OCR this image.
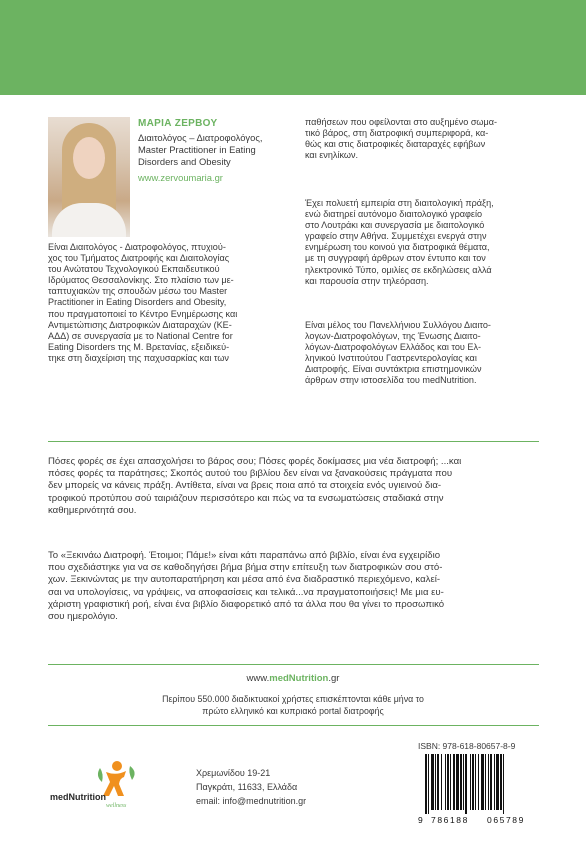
ΜΑΡΙΑ ΖΕΡΒΟΥ
Διαιτολόγος – Διατροφολόγος,
Master Practitioner in Eating
Disorders and Obesity
www.zervoumaria.gr
Είναι Διαιτολόγος - Διατροφολόγος, πτυχιού-
χος του Τμήματος Διατροφής και Διαιτολογίας
του Ανώτατου Τεχνολογικού Εκπαιδευτικού
Ιδρύματος Θεσσαλονίκης. Στο πλαίσιο των με-
ταπτυχιακών της σπουδών μέσω του Master
Practitioner in Eating Disorders and Obesity,
που πραγματοποιεί το Κέντρο Ενημέρωσης και
Αντιμετώπισης Διατροφικών Διαταραχών (ΚΕ-
ΑΔΔ) σε συνεργασία με το National Centre for
Eating Disorders της Μ. Βρετανίας, εξειδικεύ-
τηκε στη διαχείριση της παχυσαρκίας και των
παθήσεων που οφείλονται στο αυξημένο σωμα-
τικό βάρος, στη διατροφική συμπεριφορά, κα-
θώς και στις διατροφικές διαταραχές εφήβων
και ενηλίκων.
Έχει πολυετή εμπειρία στη διαιτολογική πράξη,
ενώ διατηρεί αυτόνομο διαιτολογικό γραφείο
στο Λουτράκι και συνεργασία με διαιτολογικό
γραφείο στην Αθήνα. Συμμετέχει ενεργά στην
ενημέρωση του κοινού για διατροφικά θέματα,
με τη συγγραφή άρθρων στον έντυπο και τον
ηλεκτρονικό Τύπο, ομιλίες σε εκδηλώσεις αλλά
και παρουσία στην τηλεόραση.
Είναι μέλος του Πανελλήνιου Συλλόγου Διαιτο-
λογων-Διατροφολόγων, της Ένωσης Διαιτο-
λόγων-Διατροφολόγων Ελλάδος και του Ελ-
ληνικού Ινστιτούτου Γαστρεντερολογίας και
Διατροφής. Είναι συντάκτρια επιστημονικών
άρθρων στην ιστοσελίδα του medNutrition.
Πόσες φορές σε έχει απασχολήσει το βάρος σου; Πόσες φορές δοκίμασες μια νέα διατροφή; ...και
πόσες φορές τα παράτησες; Σκοπός αυτού του βιβλίου δεν είναι να ξανακούσεις πράγματα που
δεν μπορείς να κάνεις πράξη. Αντίθετα, είναι να βρεις ποια από τα στοιχεία ενός υγιεινού δια-
τροφικού προτύπου σού ταιριάζουν περισσότερο και πώς να τα ενσωματώσεις σταδιακά στην
καθημερινότητά σου.
Το «Ξεκινάω Διατροφή. Έτοιμοι; Πάμε!» είναι κάτι παραπάνω από βιβλίο, είναι ένα εγχειρίδιο
που σχεδιάστηκε για να σε καθοδηγήσει βήμα βήμα στην επίτευξη των διατροφικών σου στό-
χων. Ξεκινώντας με την αυτοπαρατήρηση και μέσα από ένα διαδραστικό περιεχόμενο, καλεί-
σαι να υπολογίσεις, να γράψεις, να αποφασίσεις και τελικά...να πραγματοποιήσεις! Με μια ευ-
χάριστη γραφιστική ροή, είναι ένα βιβλίο διαφορετικό από τα άλλα που θα γίνει το προσωπικό
σου ημερολόγιο.
www.medNutrition.gr
Περίπου 550.000 διαδικτυακοί χρήστες επισκέπτονται κάθε μήνα το
πρώτο ελληνικό και κυπριακό portal διατροφής
medNutrition
wellness
Χρεμωνίδου 19-21
Παγκράτι, 11633, Ελλάδα
email: info@mednutrition.gr
ISBN: 978-618-80657-8-9
9 786188 065789
